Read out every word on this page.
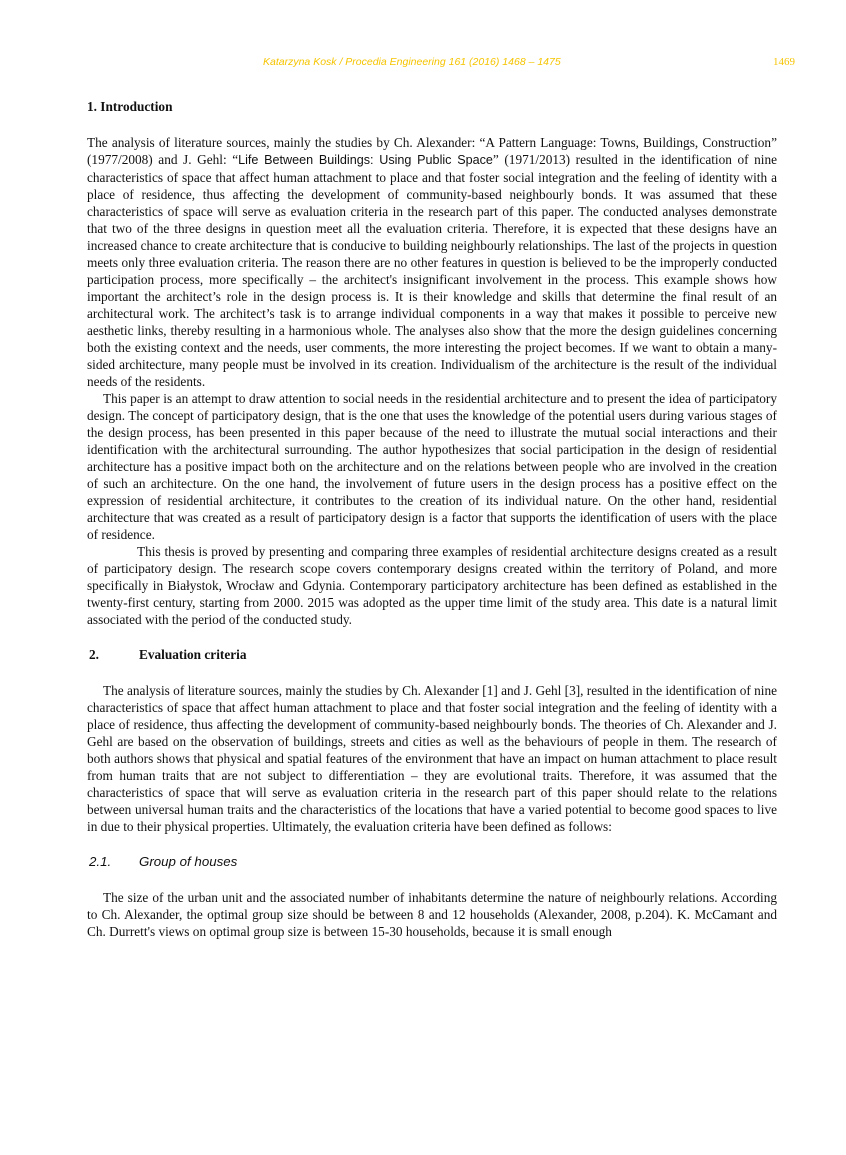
Katarzyna Kosk / Procedia Engineering 161 (2016) 1468 – 1475	1469
1. Introduction

The analysis of literature sources, mainly the studies by Ch. Alexander: “A Pattern Language: Towns, Buildings, Construction” (1977/2008) and J. Gehl: “Life Between Buildings: Using Public Space” (1971/2013) resulted in the identification of nine characteristics of space that affect human attachment to place and that foster social integration and the feeling of identity with a place of residence, thus affecting the development of community-based neighbourly bonds. It was assumed that these characteristics of space will serve as evaluation criteria in the research part of this paper. The conducted analyses demonstrate that two of the three designs in question meet all the evaluation criteria. Therefore, it is expected that these designs have an increased chance to create architecture that is conducive to building neighbourly relationships. The last of the projects in question meets only three evaluation criteria. The reason there are no other features in question is believed to be the improperly conducted participation process, more specifically – the architect's insignificant involvement in the process. This example shows how important the architect’s role in the design process is. It is their knowledge and skills that determine the final result of an architectural work. The architect’s task is to arrange individual components in a way that makes it possible to perceive new aesthetic links, thereby resulting in a harmonious whole. The analyses also show that the more the design guidelines concerning both the existing context and the needs, user comments, the more interesting the project becomes. If we want to obtain a many-sided architecture, many people must be involved in its creation. Individualism of the architecture is the result of the individual needs of the residents.

This paper is an attempt to draw attention to social needs in the residential architecture and to present the idea of participatory design. The concept of participatory design, that is the one that uses the knowledge of the potential users during various stages of the design process, has been presented in this paper because of the need to illustrate the mutual social interactions and their identification with the architectural surrounding. The author hypothesizes that social participation in the design of residential architecture has a positive impact both on the architecture and on the relations between people who are involved in the creation of such an architecture. On the one hand, the involvement of future users in the design process has a positive effect on the expression of residential architecture, it contributes to the creation of its individual nature. On the other hand, residential architecture that was created as a result of participatory design is a factor that supports the identification of users with the place of residence.

This thesis is proved by presenting and comparing three examples of residential architecture designs created as a result of participatory design. The research scope covers contemporary designs created within the territory of Poland, and more specifically in Białystok, Wrocław and Gdynia. Contemporary participatory architecture has been defined as established in the twenty-first century, starting from 2000. 2015 was adopted as the upper time limit of the study area. This date is a natural limit associated with the period of the conducted study.

2.	Evaluation criteria

The analysis of literature sources, mainly the studies by Ch. Alexander [1] and J. Gehl [3], resulted in the identification of nine characteristics of space that affect human attachment to place and that foster social integration and the feeling of identity with a place of residence, thus affecting the development of community-based neighbourly bonds. The theories of Ch. Alexander and J. Gehl are based on the observation of buildings, streets and cities as well as the behaviours of people in them. The research of both authors shows that physical and spatial features of the environment that have an impact on human attachment to place result from human traits that are not subject to differentiation – they are evolutional traits. Therefore, it was assumed that the characteristics of space that will serve as evaluation criteria in the research part of this paper should relate to the relations between universal human traits and the characteristics of the locations that have a varied potential to become good spaces to live in due to their physical properties. Ultimately, the evaluation criteria have been defined as follows:

2.1.	Group of houses

The size of the urban unit and the associated number of inhabitants determine the nature of neighbourly relations. According to Ch. Alexander, the optimal group size should be between 8 and 12 households (Alexander, 2008, p.204). K. McCamant and Ch. Durrett's views on optimal group size is between 15-30 households, because it is small enough
